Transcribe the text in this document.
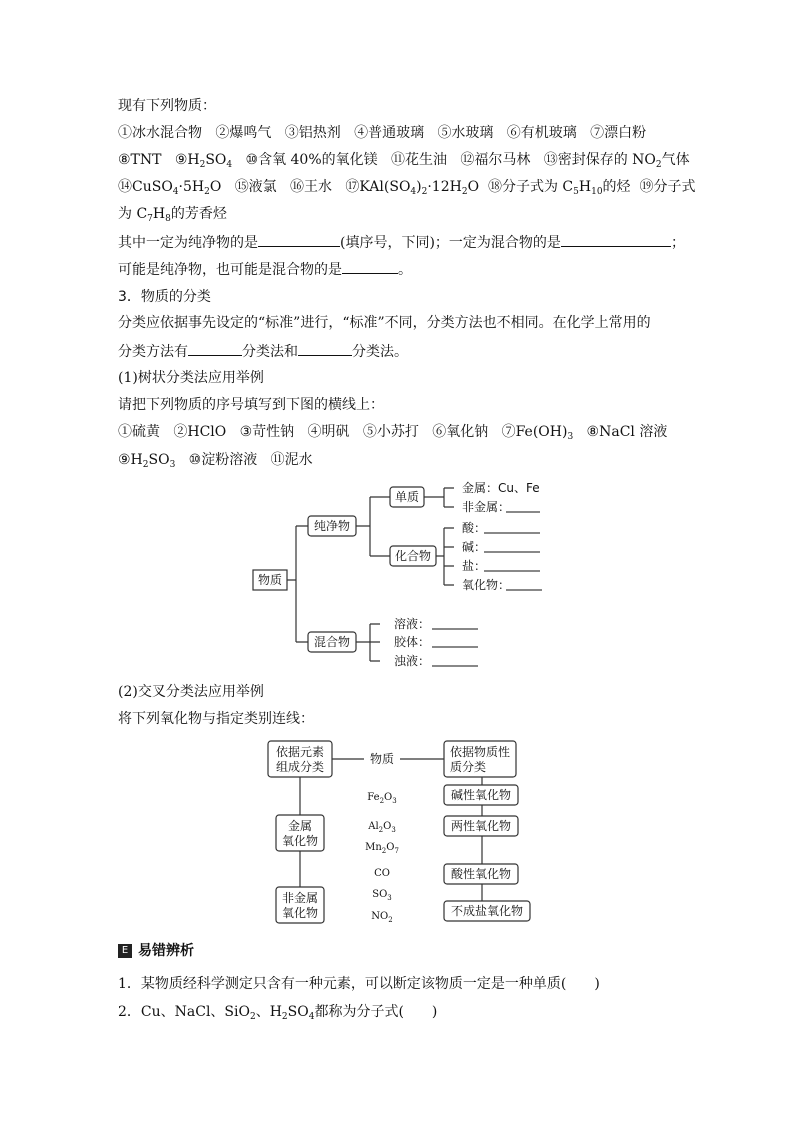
现有下列物质：
①冰水混合物 ②爆鸣气 ③铝热剂 ④普通玻璃 ⑤水玻璃 ⑥有机玻璃 ⑦漂白粉
⑧TNT $⑨H_2SO_4$ ⑩含氧 40%的氧化镁 ⑪花生油 ⑫福尔马林 ⑬密封保存的 $NO_2$气体
$⑭CuSO_4\cdot 5H_2O$ ⑮液氯 ⑯王水 $⑰KAl(SO_4)_2\cdot 12H_2O$ ⑱分子式为 $C_5H_{10}$的烃 ⑲分子式
为 $C_7H_8$的芳香烃
其中一定为纯净物的是	(填序号，下同)；一定为混合物的是	；
可能是纯净物，也可能是混合物的是	。
3．物质的分类
分类应依据事先设定的“标准”进行，“标准”不同，分类方法也不相同。在化学上常用的
分类方法有	分类法和	分类法。
(1)树状分类法应用举例
请把下列物质的序号填写到下图的横线上：
①硫黄 ②HClO ③苛性钠 ④明矾 ⑤小苏打 ⑥氧化钠 $⑦Fe(OH)_3$ ⑧NaCl 溶液
$⑨H_2SO_3$ ⑩淀粉溶液 ⑪泥水
物质
纯净物
单质
金属：Cu、Fe
非金属：
化合物
酸：
碱：
盐：
氧化物：
混合物
溶液：
胶体：
浊液：
(2)交叉分类法应用举例
将下列氧化物与指定类别连线：
依据元素
组成分类
物质	依据物质性
质分类
金属
氧化物
非金属
氧化物
$Fe_2O_3$
$Al_2O_3$
$Mn_2O_7$
CO
$SO_3$
$NO_2$
碱性氧化物
两性氧化物
酸性氧化物
不成盐氧化物
E 易错辨析
1．某物质经科学测定只含有一种元素，可以断定该物质一定是一种单质(　　)
2．Cu、NaCl、SiO$_2$、$H_2SO_4$都称为分子式(　　)
